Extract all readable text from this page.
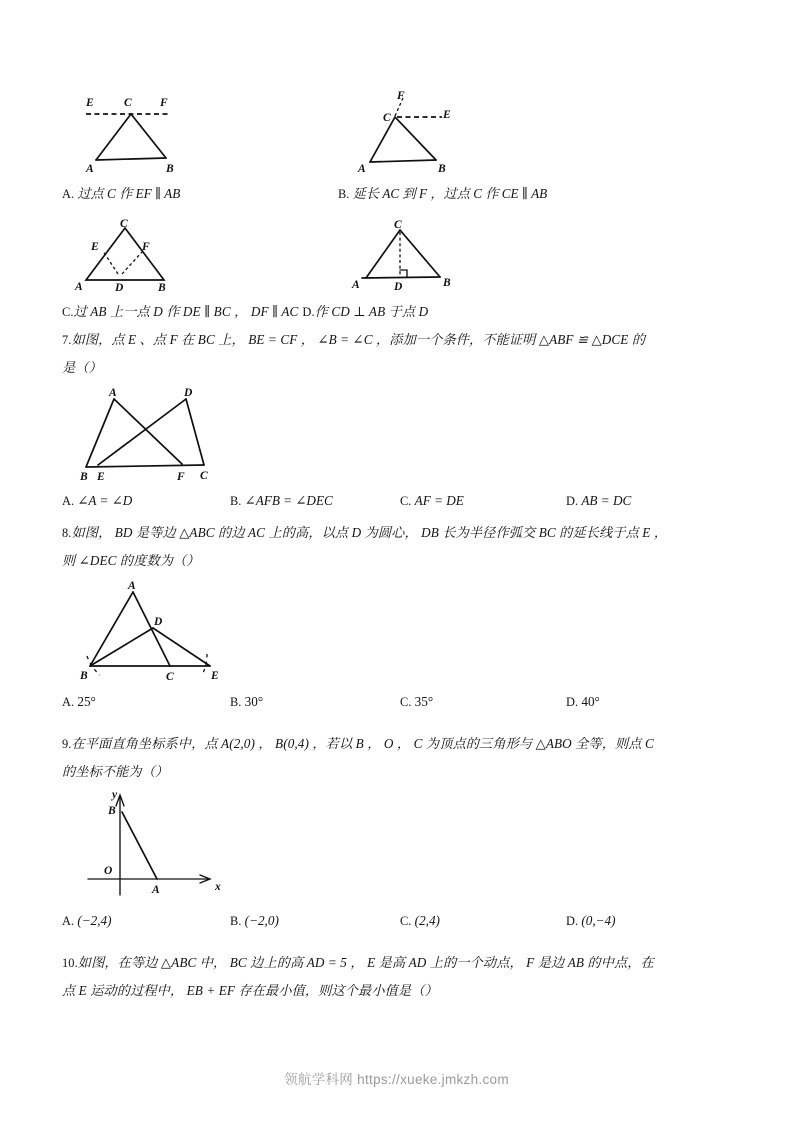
E	C F
A	B
F
C	E
A	B
A. 过点 C 作 EF ∥ AB	B. 延长 AC 到 F ，过点 C 作 CE ∥ AB
C
E	F
A	D	B
C
A	D	B
C.过 AB 上一点 D 作 DE ∥ BC ， DF ∥ AC D.作 CD ⊥ AB 于点 D
7.如图，点 E 、点 F 在 BC 上， BE = CF ， ∠B = ∠C ，添加一个条件，不能证明 △ABF ≌ △DCE 的
是（）
A	D
B E	F C
A. ∠A = ∠D	B. ∠AFB = ∠DEC	C. AF = DE	D. AB = DC
8.如图， BD 是等边 △ABC 的边 AC 上的高，以点 D 为圆心， DB 长为半径作弧交 BC 的延长线于点 E ，
则 ∠DEC 的度数为（）
A
D
B	C	E
A. 25°	B. 30°	C. 35°	D. 40°
9.在平面直角坐标系中，点 A(2,0) ， B(0,4) ，若以 B ， O ， C 为顶点的三角形与 △ABO 全等，则点 C
的坐标不能为（）
B
O
A	x
y
A. (−2,4)	B. (−2,0)	C. (2,4)	D. (0,−4)
10.如图，在等边 △ABC 中， BC 边上的高 AD = 5 ， E 是高 AD 上的一个动点， F 是边 AB 的中点，在
点 E 运动的过程中， EB + EF 存在最小值，则这个最小值是（）
领航学科网 https://xueke.jmkzh.com
